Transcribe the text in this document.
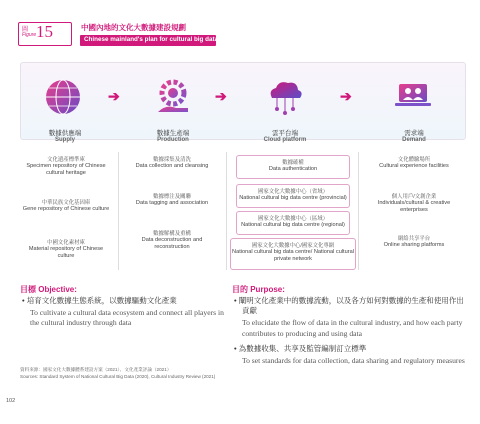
圖
Figure 15	中國內地的文化大數據建設規劃
Chinese mainland's plan for cultural big data
➔	➔	➔
數據供應端
Supply
數據生產端
Production
雲平台端
Cloud platform
需求端
Demand
文化遺產標準庫
Specimen repository of Chinese cultural heritage
中華民族文化基因庫
Gene repository of Chinese culture
中國文化素材庫
Material repository of Chinese culture
數據採集及清洗
Data collection and cleansing
數據標注及關聯
Data tagging and association
數據解構及重構
Data deconstruction and reconstruction
數據確權
Data authentication
國家文化大數據中心（省域）
National cultural big data centre (provincial)
國家文化大數據中心（區域）
National cultural big data centre (regional)
國家文化大數據中心/國家文化專網
National cultural big data centre/ National cultural private network
文化體驗場所
Cultural experience facilities
個人用戶/文創企業
Individuals/cultural & creative enterprises
網絡共享平台
Online sharing platforms
目標 Objective:
• 培育文化數據生態系統，以數據驅動文化產業
To cultivate a cultural data ecosystem and connect all players in the cultural industry through data
目的 Purpose:
• 闡明文化產業中的數據流動，以及各方如何對數據的生產和使用作出貢獻
To elucidate the flow of data in the cultural industry, and how each party contributes to producing and using data
• 為數據收集、共享及監管編制訂立標準
To set standards for data collection, data sharing and regulatory measures
資料來源：國家文化大數據體系建設方案（2021）、文化產業評論（2021）
Sources: Standard System of National Cultural Big Data (2020), Cultural Industry Review (2021)
102
